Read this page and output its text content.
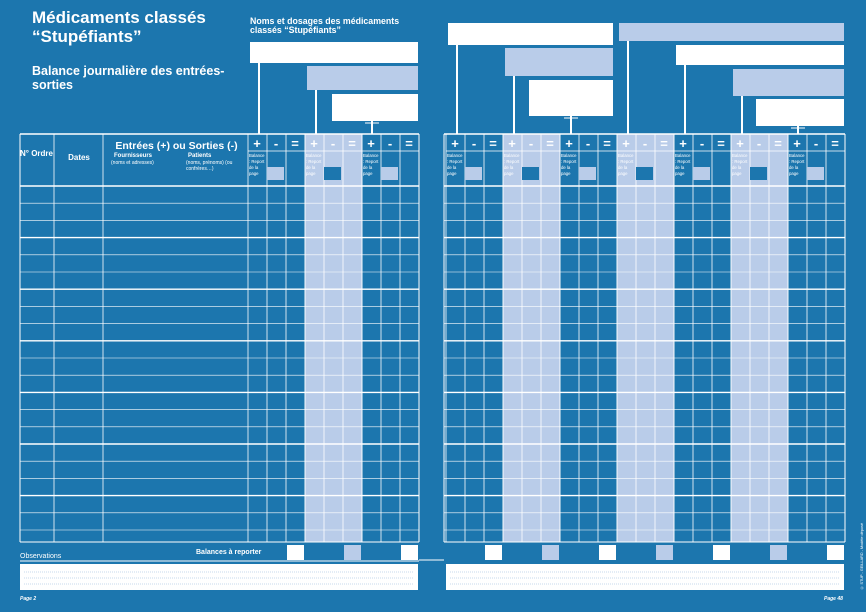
Médicaments classés “Stupéfiants”
Balance journalière des entrées-sorties
Noms et dosages des médicaments classés “Stupéfiants”
N° Ordre	Dates
Entrées (+) ou Sorties (-)
Fournisseurs
(noms et adresses)
Patients
(noms, prénoms) (ou confrères…)
+	-	=
Balance : Report de la page
+	-	=
Balance : Report de la page
+	-	=
Balance : Report de la page
+	-	=
Balance : Report de la page
+	-	=
Balance : Report de la page
+	-	=
Balance : Report de la page
+	-	=
Balance : Report de la page
+	-	=
Balance : Report de la page
+	-	=
Balance : Report de la page
+	-	=
Balance : Report de la page
Observations
Balances à reporter
Page 2	Page 48
© STUP - GEILLARD - Modèle déposé
